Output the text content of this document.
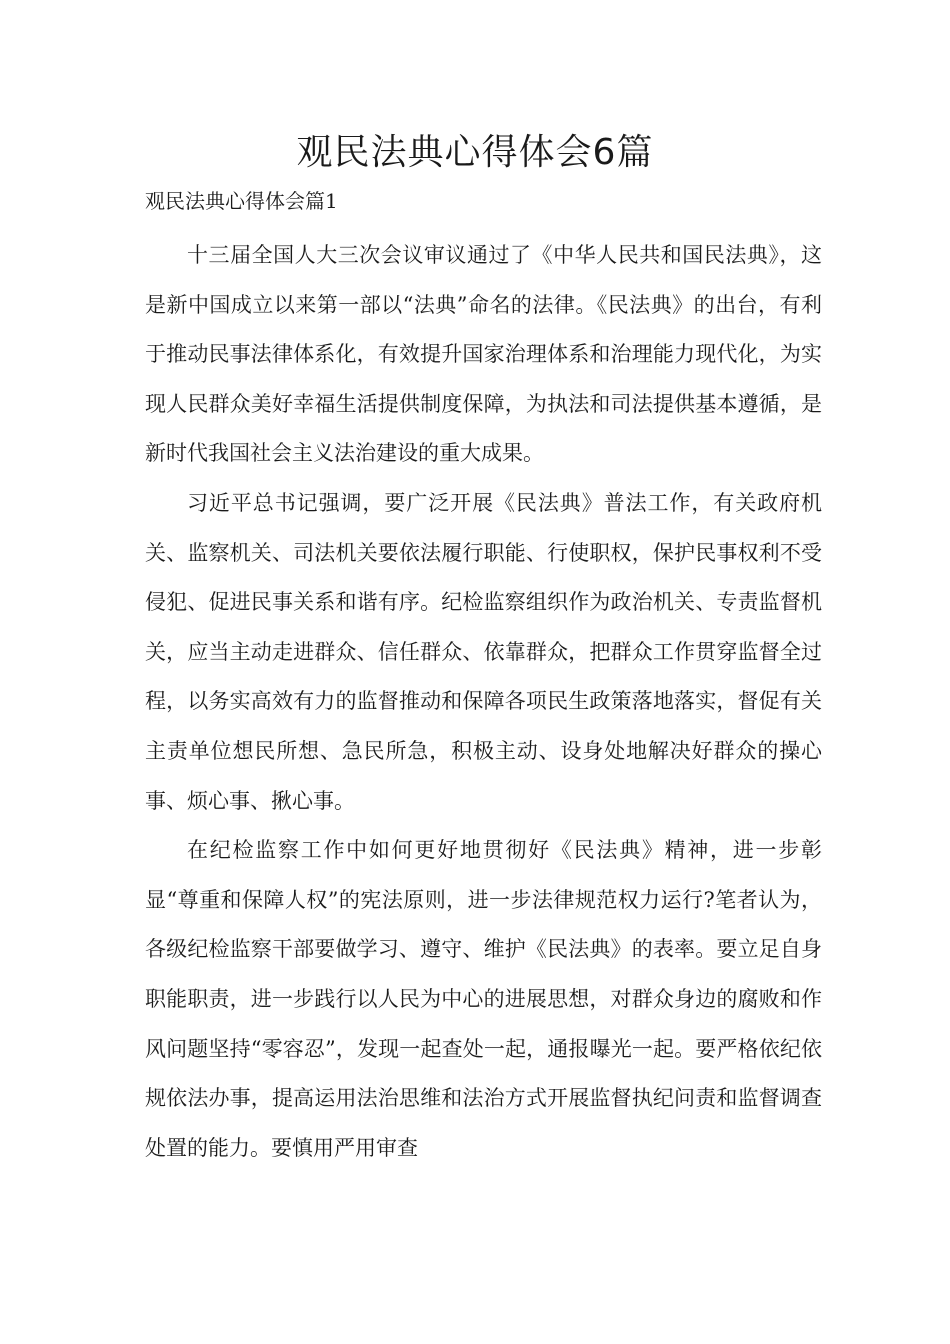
观民法典心得体会6篇
观民法典心得体会篇1

十三届全国人大三次会议审议通过了《中华人民共和国民法典》，这是新中国成立以来第一部以“法典”命名的法律。《民法典》的出台，有利于推动民事法律体系化，有效提升国家治理体系和治理能力现代化，为实现人民群众美好幸福生活提供制度保障，为执法和司法提供基本遵循，是新时代我国社会主义法治建设的重大成果。

习近平总书记强调，要广泛开展《民法典》普法工作，有关政府机关、监察机关、司法机关要依法履行职能、行使职权，保护民事权利不受侵犯、促进民事关系和谐有序。纪检监察组织作为政治机关、专责监督机关，应当主动走进群众、信任群众、依靠群众，把群众工作贯穿监督全过程，以务实高效有力的监督推动和保障各项民生政策落地落实，督促有关主责单位想民所想、急民所急，积极主动、设身处地解决好群众的操心事、烦心事、揪心事。

在纪检监察工作中如何更好地贯彻好《民法典》精神，进一步彰显“尊重和保障人权”的宪法原则，进一步法律规范权力运行?笔者认为，各级纪检监察干部要做学习、遵守、维护《民法典》的表率。要立足自身职能职责，进一步践行以人民为中心的进展思想，对群众身边的腐败和作风问题坚持“零容忍”，发现一起查处一起，通报曝光一起。要严格依纪依规依法办事，提高运用法治思维和法治方式开展监督执纪问责和监督调查处置的能力。要慎用严用审查
